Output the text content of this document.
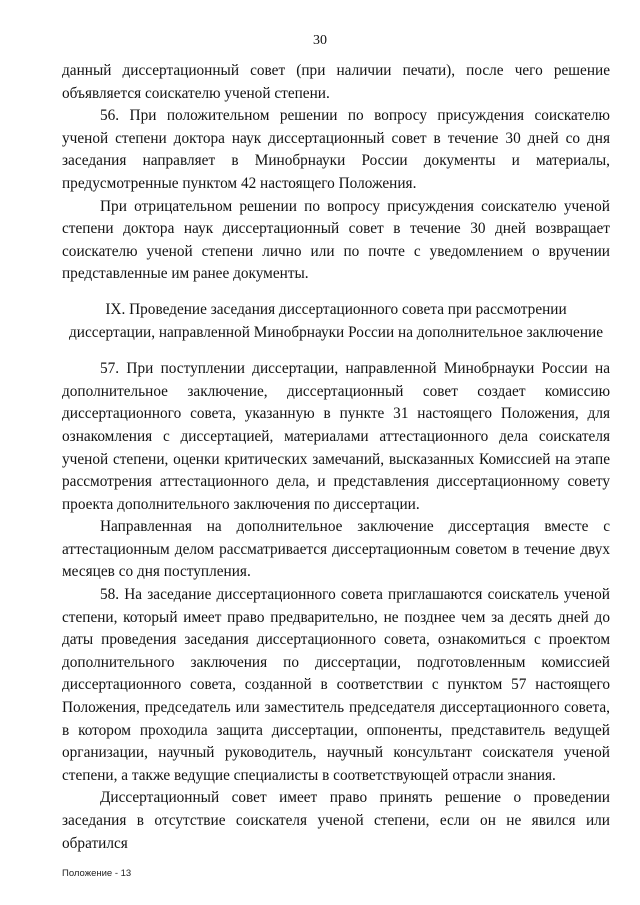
30

данный диссертационный совет (при наличии печати), после чего решение объявляется соискателю ученой степени.

56. При положительном решении по вопросу присуждения соискателю ученой степени доктора наук диссертационный совет в течение 30 дней со дня заседания направляет в Минобрнауки России документы и материалы, предусмотренные пунктом 42 настоящего Положения.

При отрицательном решении по вопросу присуждения соискателю ученой степени доктора наук диссертационный совет в течение 30 дней возвращает соискателю ученой степени лично или по почте с уведомлением о вручении представленные им ранее документы.

IX. Проведение заседания диссертационного совета при рассмотрении диссертации, направленной Минобрнауки России на дополнительное заключение

57. При поступлении диссертации, направленной Минобрнауки России на дополнительное заключение, диссертационный совет создает комиссию диссертационного совета, указанную в пункте 31 настоящего Положения, для ознакомления с диссертацией, материалами аттестационного дела соискателя ученой степени, оценки критических замечаний, высказанных Комиссией на этапе рассмотрения аттестационного дела, и представления диссертационному совету проекта дополнительного заключения по диссертации.

Направленная на дополнительное заключение диссертация вместе с аттестационным делом рассматривается диссертационным советом в течение двух месяцев со дня поступления.

58. На заседание диссертационного совета приглашаются соискатель ученой степени, который имеет право предварительно, не позднее чем за десять дней до даты проведения заседания диссертационного совета, ознакомиться с проектом дополнительного заключения по диссертации, подготовленным комиссией диссертационного совета, созданной в соответствии с пунктом 57 настоящего Положения, председатель или заместитель председателя диссертационного совета, в котором проходила защита диссертации, оппоненты, представитель ведущей организации, научный руководитель, научный консультант соискателя ученой степени, а также ведущие специалисты в соответствующей отрасли знания.

Диссертационный совет имеет право принять решение о проведении заседания в отсутствие соискателя ученой степени, если он не явился или обратился

Положение - 13
